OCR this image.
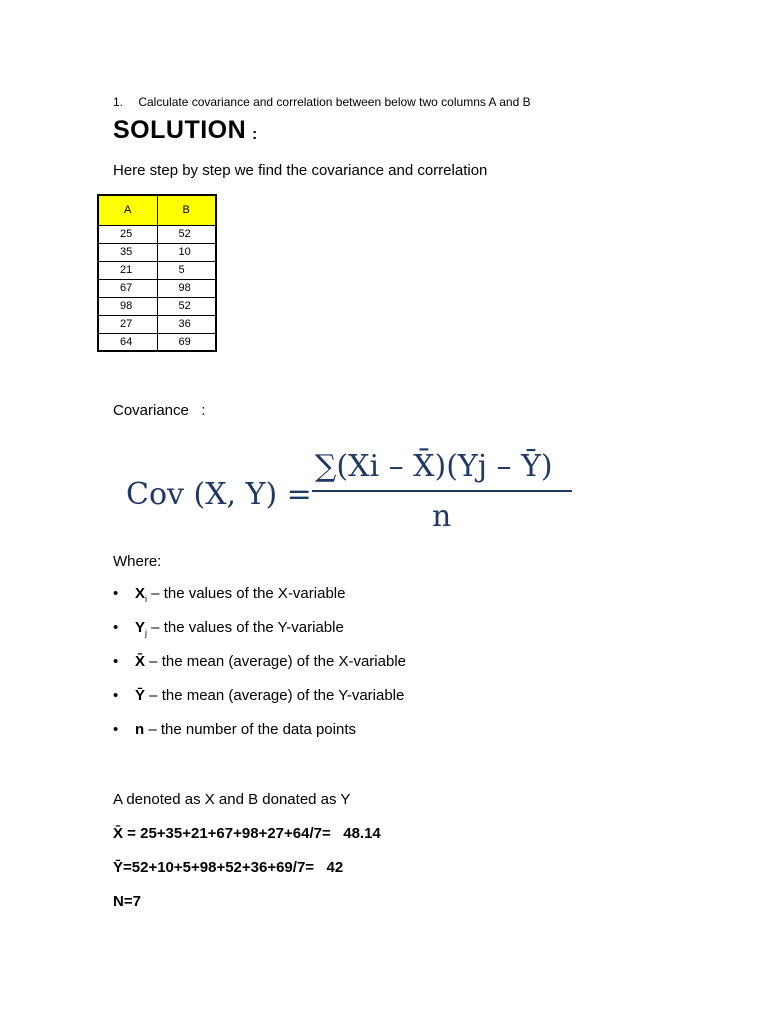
1. Calculate covariance and correlation between below two columns A and B
SOLUTION :
Here step by step we find the covariance and correlation
A	B
25	52
35	10
21	5
67	98
98	52
27	36
64	69
Covariance   :
Cov (X, Y) =
∑(Xi – X̄)(Yj – Ȳ)
n
Where:
• $X_i$ – the values of the X-variable
• $Y_j$ – the values of the Y-variable
• X̄ – the mean (average) of the X-variable
• Ȳ – the mean (average) of the Y-variable
• n – the number of the data points
A denoted as X and B donated as Y
X̄ = 25+35+21+67+98+27+64/7=   48.14
Ȳ=52+10+5+98+52+36+69/7=   42
N=7
